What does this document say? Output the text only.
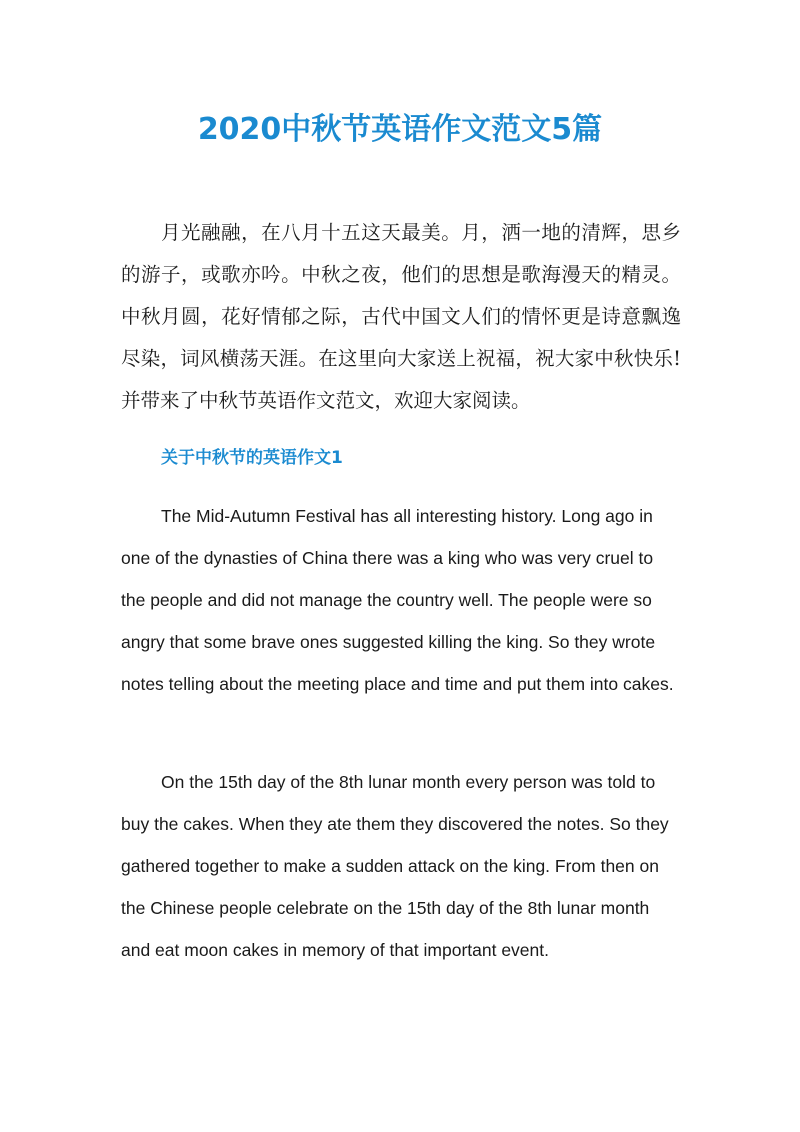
2020中秋节英语作文范文5篇

月光融融，在八月十五这天最美。月，洒一地的清辉，思乡的游子，或歌亦吟。中秋之夜，他们的思想是歌海漫天的精灵。中秋月圆，花好情郁之际，古代中国文人们的情怀更是诗意飘逸尽染，词风横荡天涯。在这里向大家送上祝福，祝大家中秋快乐!并带来了中秋节英语作文范文，欢迎大家阅读。

关于中秋节的英语作文1

The Mid-Autumn Festival has all interesting history. Long ago in one of the dynasties of China there was a king who was very cruel to the people and did not manage the country well. The people were so angry that some brave ones suggested killing the king. So they wrote notes telling about the meeting place and time and put them into cakes.

On the 15th day of the 8th lunar month every person was told to buy the cakes. When they ate them they discovered the notes. So they gathered together to make a sudden attack on the king. From then on the Chinese people celebrate on the 15th day of the 8th lunar month and eat moon cakes in memory of that important event.
